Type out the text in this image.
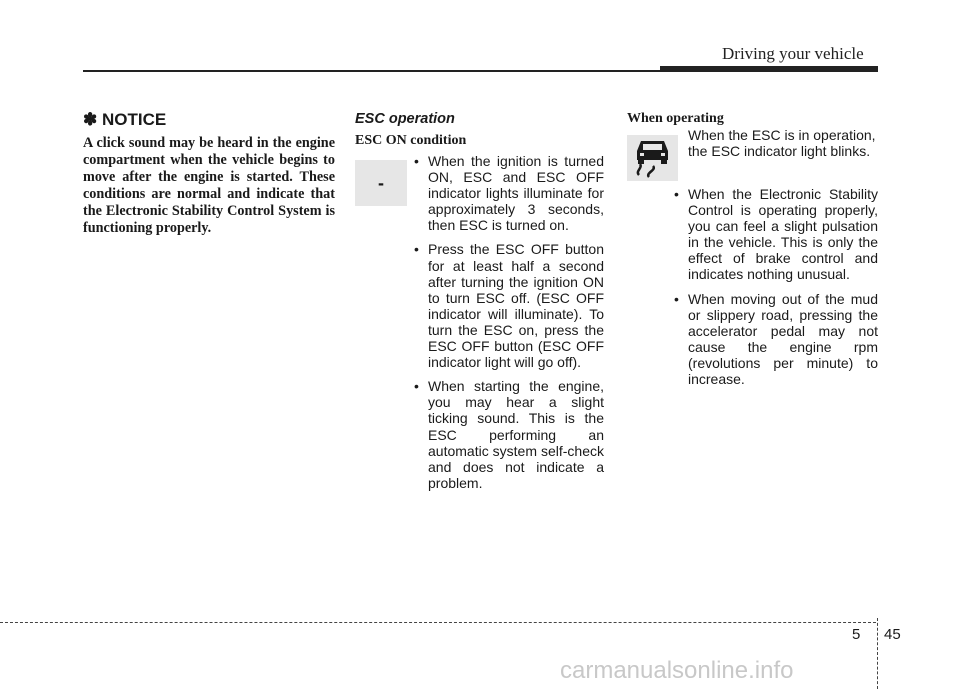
Driving your vehicle
✽ NOTICE
A click sound may be heard in the engine compartment when the vehicle begins to move after the engine is started. These conditions are normal and indicate that the Electronic Stability Control System is functioning properly.
ESC operation
ESC ON condition
-
• When the ignition is turned ON, ESC and ESC OFF indicator lights illuminate for approximately 3 seconds, then ESC is turned on.
• Press the ESC OFF button for at least half a second after turning the ignition ON to turn ESC off. (ESC OFF indicator will illuminate). To turn the ESC on, press the ESC OFF button (ESC OFF indicator light will go off).
• When starting the engine, you may hear a slight ticking sound. This is the ESC performing an automatic system self-check and does not indicate a problem.
When operating
When the ESC is in operation, the ESC indicator light blinks.
• When the Electronic Stability Control is operating properly, you can feel a slight pulsation in the vehicle. This is only the effect of brake control and indicates nothing unusual.
• When moving out of the mud or slippery road, pressing the accelerator pedal may not cause the engine rpm (revolutions per minute) to increase.
5 45
carmanualsonline.info
